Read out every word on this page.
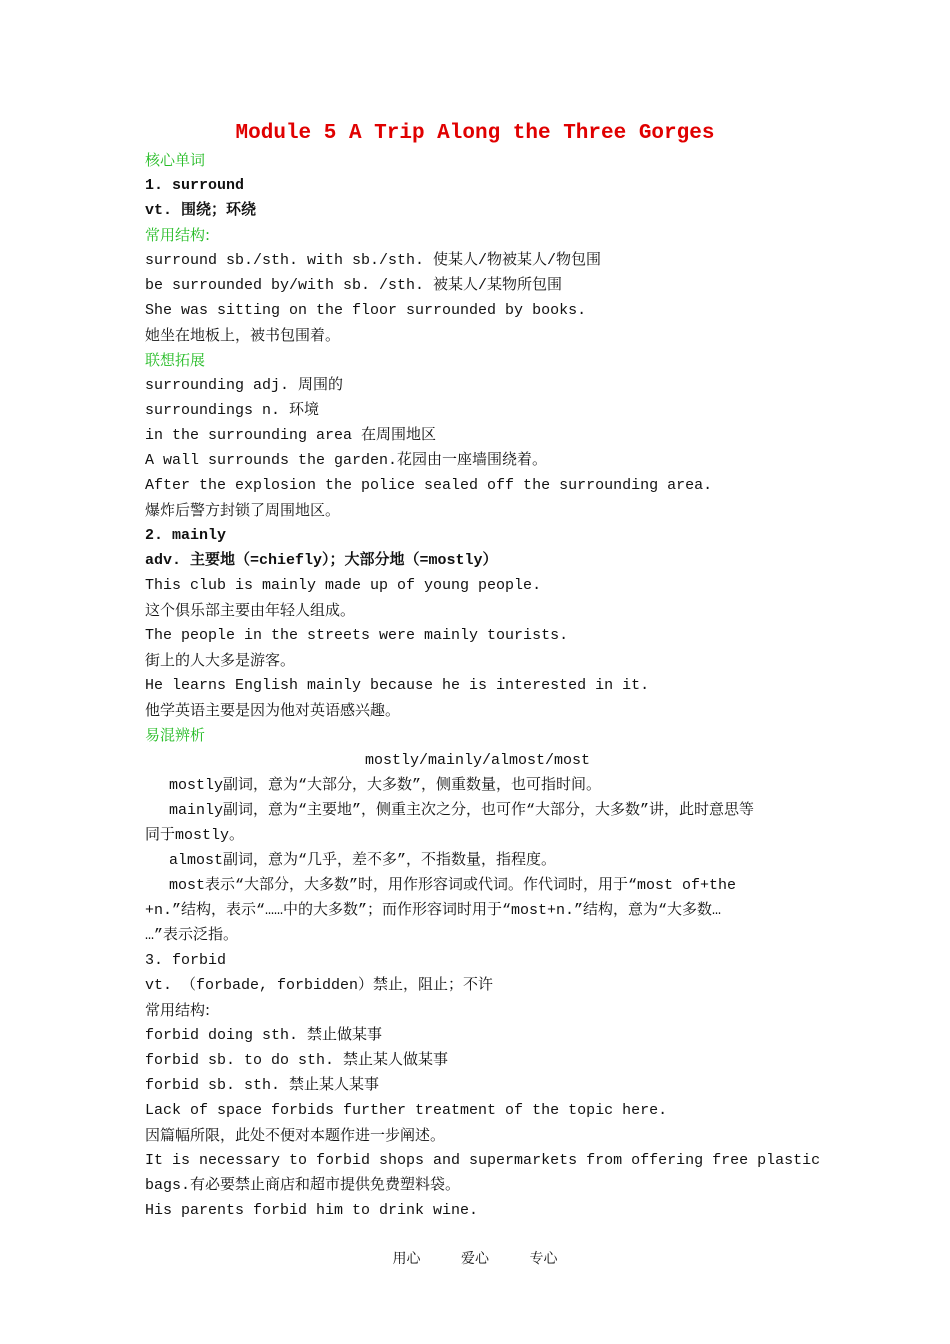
Module 5 A Trip Along the Three Gorges
核心单词
1. surround
vt. 围绕；环绕
常用结构:
surround sb./sth. with sb./sth. 使某人/物被某人/物包围
be surrounded by/with sb. /sth. 被某人/某物所包围
She was sitting on the floor surrounded by books.
她坐在地板上，被书包围着。
联想拓展
surrounding adj. 周围的
surroundings n. 环境
in the surrounding area 在周围地区
A wall surrounds the garden.花园由一座墙围绕着。
After the explosion the police sealed off the surrounding area.
爆炸后警方封锁了周围地区。
2. mainly
adv. 主要地（=chiefly）；大部分地（=mostly）
This club is mainly made up of young people.
这个俱乐部主要由年轻人组成。
The people in the streets were mainly tourists.
街上的人大多是游客。
He learns English mainly because he is interested in it.
他学英语主要是因为他对英语感兴趣。
易混辨析
mostly/mainly/almost/most
mostly副词，意为“大部分，大多数”，侧重数量，也可指时间。
mainly副词，意为“主要地”，侧重主次之分，也可作“大部分，大多数”讲，此时意思等
同于mostly。
almost副词，意为“几乎，差不多”，不指数量，指程度。
most表示“大部分，大多数”时，用作形容词或代词。作代词时，用于“most of+the
+n.”结构，表示“……中的大多数”；而作形容词时用于“most+n.”结构，意为“大多数…
…”表示泛指。
3. forbid
vt. （forbade, forbidden）禁止，阻止；不许
常用结构:
forbid doing sth. 禁止做某事
forbid sb. to do sth. 禁止某人做某事
forbid sb. sth. 禁止某人某事
Lack of space forbids further treatment of the topic here.
因篇幅所限，此处不便对本题作进一步阐述。
It is necessary to forbid shops and supermarkets from offering free plastic
bags.有必要禁止商店和超市提供免费塑料袋。
His parents forbid him to drink wine.
用心	爱心	专心
